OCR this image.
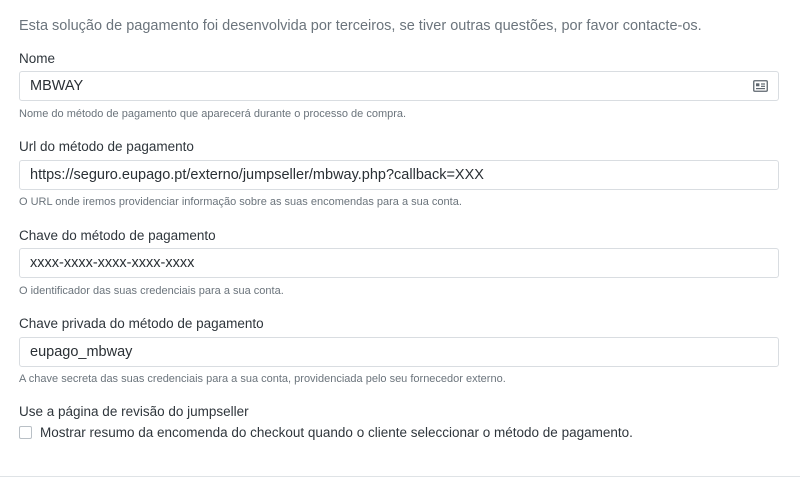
Esta solução de pagamento foi desenvolvida por terceiros, se tiver outras questões, por favor contacte-os.
Nome
MBWAY
Nome do método de pagamento que aparecerá durante o processo de compra.
Url do método de pagamento
https://seguro.eupago.pt/externo/jumpseller/mbway.php?callback=XXX
O URL onde iremos providenciar informação sobre as suas encomendas para a sua conta.
Chave do método de pagamento
xxxx-xxxx-xxxx-xxxx-xxxx
O identificador das suas credenciais para a sua conta.
Chave privada do método de pagamento
eupago_mbway
A chave secreta das suas credenciais para a sua conta, providenciada pelo seu fornecedor externo.
Use a página de revisão do jumpseller
Mostrar resumo da encomenda do checkout quando o cliente seleccionar o método de pagamento.
